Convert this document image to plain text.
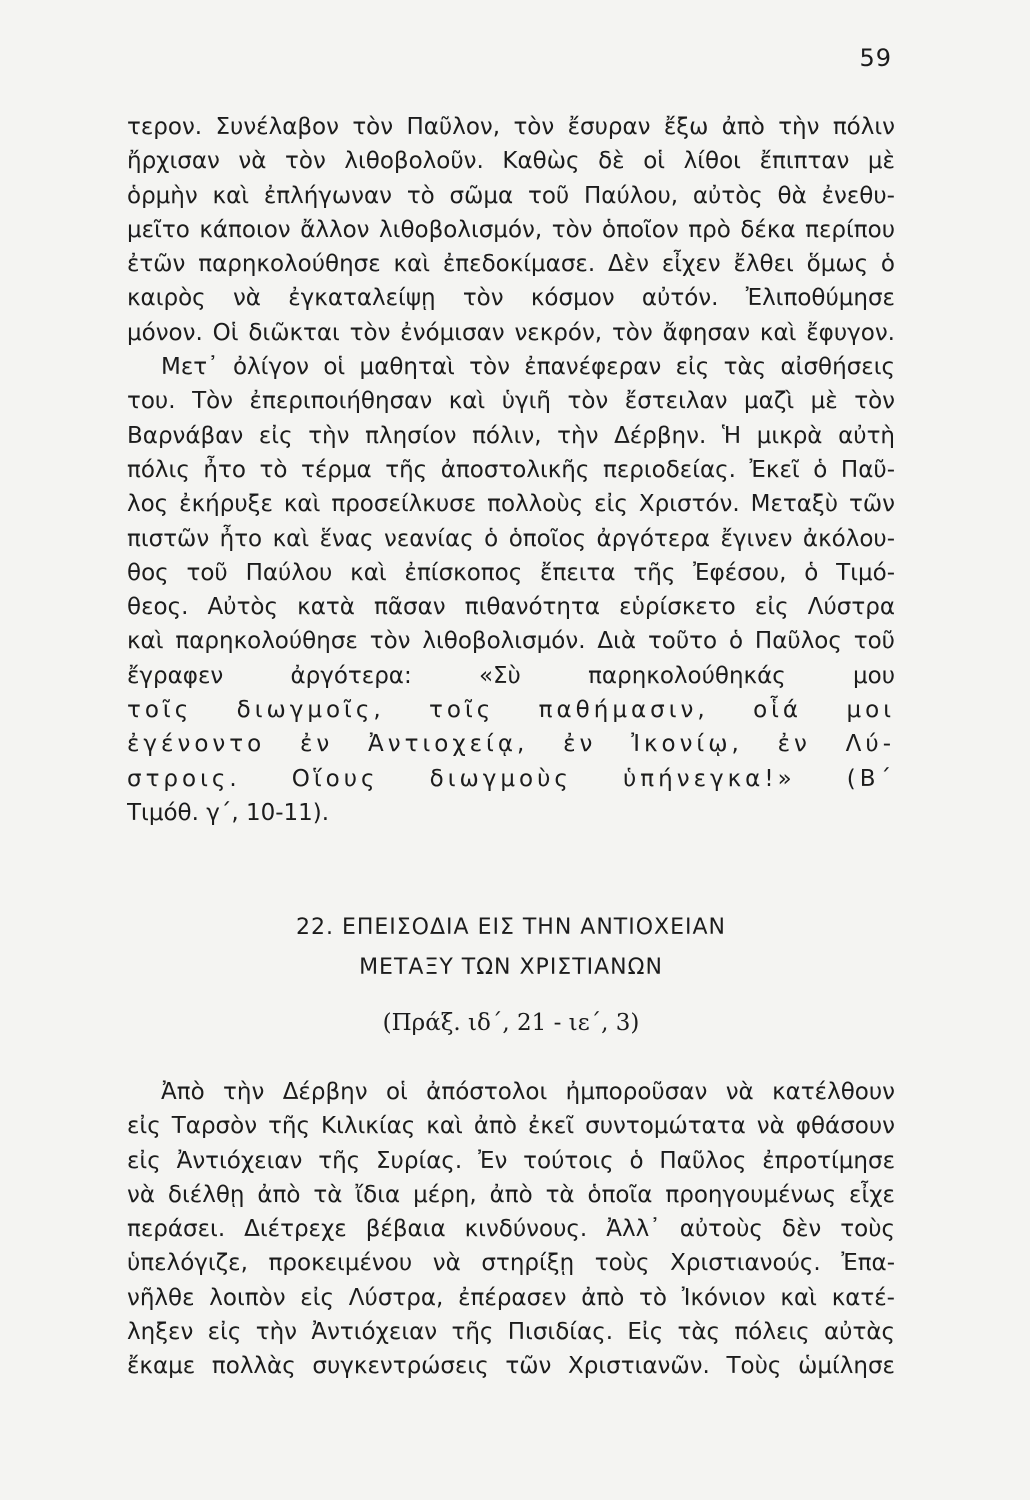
59
τερον. Συνέλαβον τὸν Παῦλον, τὸν ἔσυραν ἔξω ἀπὸ τὴν πόλιν
ἤρχισαν νὰ τὸν λιθοβολοῦν. Καθὼς δὲ οἱ λίθοι ἔπιπταν μὲ
ὁρμὴν καὶ ἐπλήγωναν τὸ σῶμα τοῦ Παύλου, αὐτὸς θὰ ἐνεθυ-
μεῖτο κάποιον ἄλλον λιθοβολισμόν, τὸν ὁποῖον πρὸ δέκα περίπου
ἐτῶν παρηκολούθησε καὶ ἐπεδοκίμασε. Δὲν εἶχεν ἔλθει ὅμως ὁ
καιρὸς νὰ ἐγκαταλείψῃ τὸν κόσμον αὐτόν. Ἐλιποθύμησε
μόνον. Οἱ διῶκται τὸν ἐνόμισαν νεκρόν, τὸν ἄφησαν καὶ ἔφυγον.
Μετ᾽ ὀλίγον οἱ μαθηταὶ τὸν ἐπανέφεραν εἰς τὰς αἰσθήσεις
του. Τὸν ἐπεριποιήθησαν καὶ ὑγιῆ τὸν ἔστειλαν μαζὶ μὲ τὸν
Βαρνάβαν εἰς τὴν πλησίον πόλιν, τὴν Δέρβην. Ἡ μικρὰ αὐτὴ
πόλις ἦτο τὸ τέρμα τῆς ἀποστολικῆς περιοδείας. Ἐκεῖ ὁ Παῦ-
λος ἐκήρυξε καὶ προσείλκυσε πολλοὺς εἰς Χριστόν. Μεταξὺ τῶν
πιστῶν ἦτο καὶ ἕνας νεανίας ὁ ὁποῖος ἀργότερα ἔγινεν ἀκόλου-
θος τοῦ Παύλου καὶ ἐπίσκοπος ἔπειτα τῆς Ἐφέσου, ὁ Τιμό-
θεος. Αὐτὸς κατὰ πᾶσαν πιθανότητα εὑρίσκετο εἰς Λύστρα
καὶ παρηκολούθησε τὸν λιθοβολισμόν. Διὰ τοῦτο ὁ Παῦλος τοῦ
ἔγραφεν ἀργότερα: «Σὺ παρηκολούθηκάς μου
τοῖς διωγμοῖς, τοῖς παθήμασιν, οἷά μοι
ἐγένοντο ἐν Ἀντιοχείᾳ, ἐν Ἰκονίῳ, ἐν Λύ-
στροις. Οἵους διωγμοὺς ὑπήνεγκα!» (Β΄
Τιμόθ. γ΄, 10-11).
22. ΕΠΕΙΣΟΔΙΑ ΕΙΣ ΤΗΝ ΑΝΤΙΟΧΕΙΑΝ
ΜΕΤΑΞΥ ΤΩΝ ΧΡΙΣΤΙΑΝΩΝ
(Πράξ. ιδ΄, 21 - ιε΄, 3)
Ἀπὸ τὴν Δέρβην οἱ ἀπόστολοι ἠμποροῦσαν νὰ κατέλθουν
εἰς Ταρσὸν τῆς Κιλικίας καὶ ἀπὸ ἐκεῖ συντομώτατα νὰ φθάσουν
εἰς Ἀντιόχειαν τῆς Συρίας. Ἐν τούτοις ὁ Παῦλος ἐπροτίμησε
νὰ διέλθῃ ἀπὸ τὰ ἴδια μέρη, ἀπὸ τὰ ὁποῖα προηγουμένως εἶχε
περάσει. Διέτρεχε βέβαια κινδύνους. Ἀλλ᾽ αὐτοὺς δὲν τοὺς
ὑπελόγιζε, προκειμένου νὰ στηρίξῃ τοὺς Χριστιανούς. Ἐπα-
νῆλθε λοιπὸν εἰς Λύστρα, ἐπέρασεν ἀπὸ τὸ Ἰκόνιον καὶ κατέ-
ληξεν εἰς τὴν Ἀντιόχειαν τῆς Πισιδίας. Εἰς τὰς πόλεις αὐτὰς
ἔκαμε πολλὰς συγκεντρώσεις τῶν Χριστιανῶν. Τοὺς ὡμίλησε
